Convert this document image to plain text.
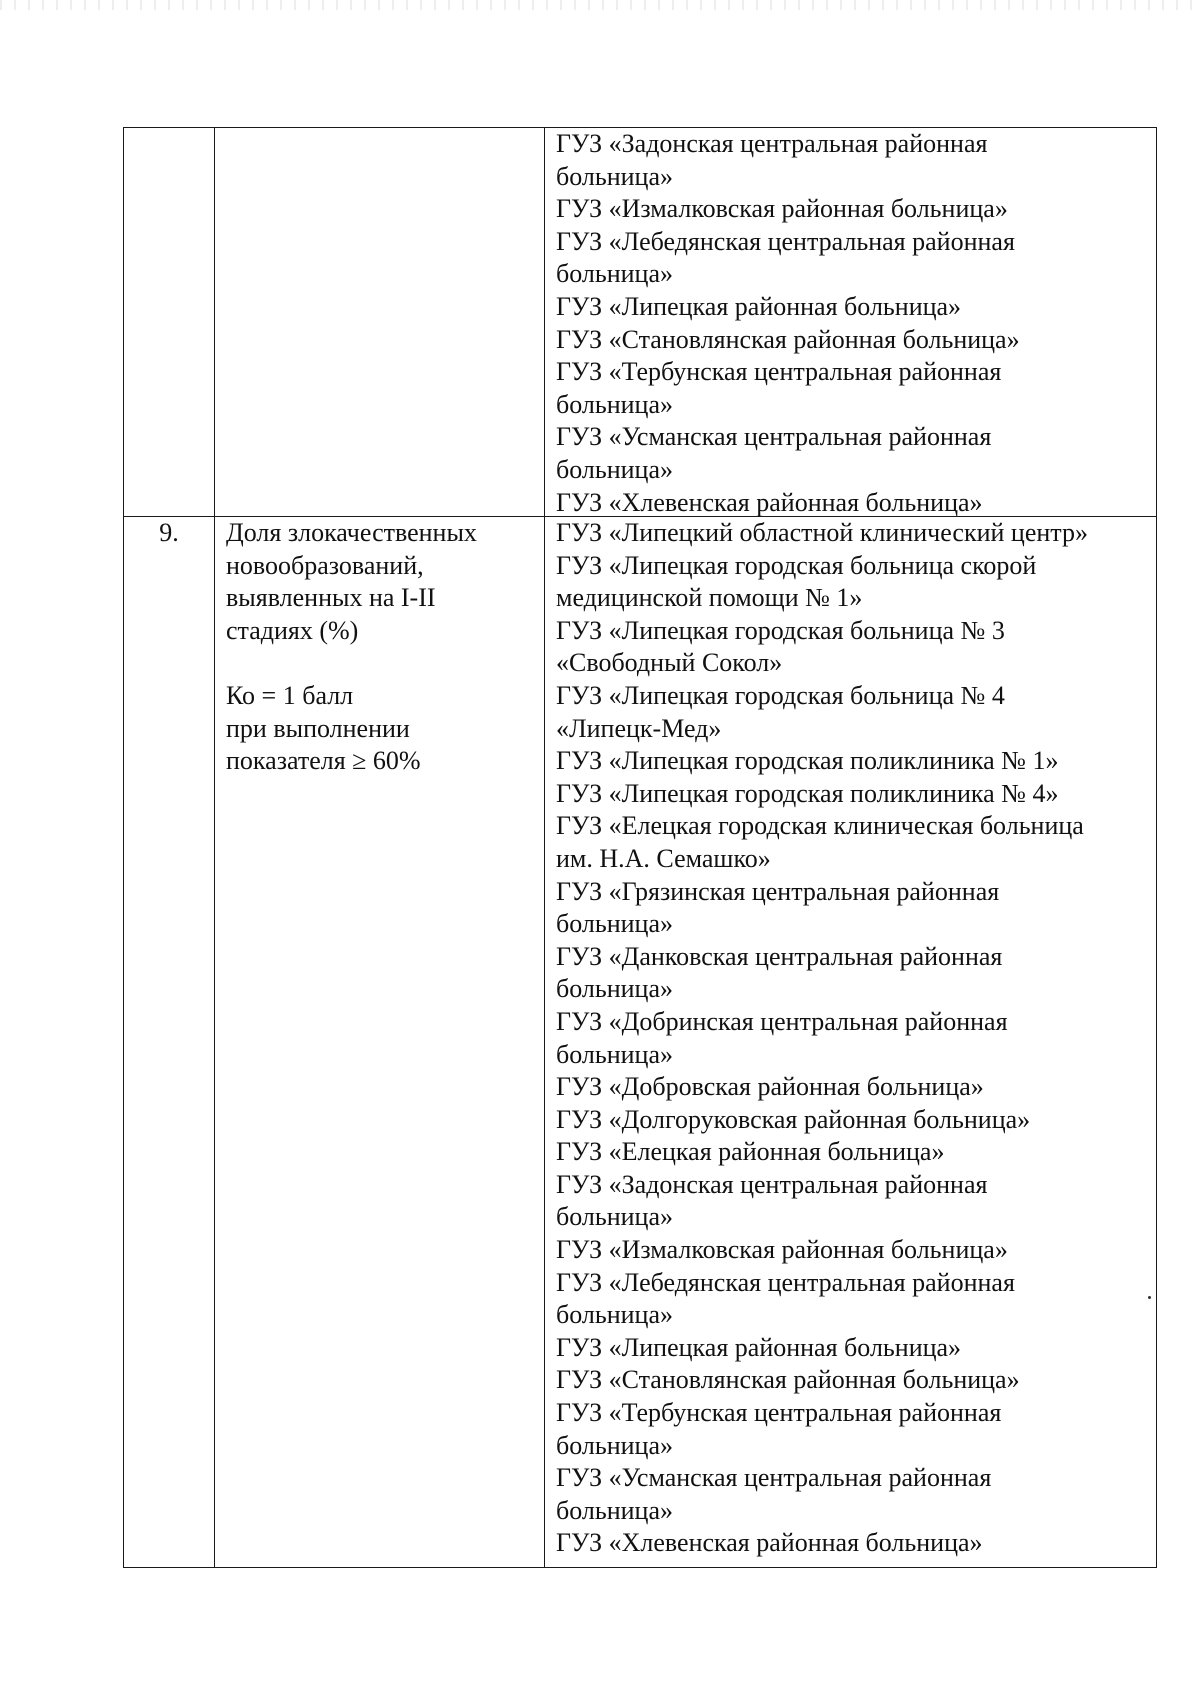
ГУЗ «Задонская центральная районная
больница»
ГУЗ «Измалковская районная больница»
ГУЗ «Лебедянская центральная районная
больница»
ГУЗ «Липецкая районная больница»
ГУЗ «Становлянская районная больница»
ГУЗ «Тербунская центральная районная
больница»
ГУЗ «Усманская центральная районная
больница»
ГУЗ «Хлевенская районная больница»
9.	Доля злокачественных
новообразований,
выявленных на I-II
стадиях (%)
Ко = 1 балл
при выполнении
показателя ≥ 60%
ГУЗ «Липецкий областной клинический центр»
ГУЗ «Липецкая городская больница скорой
медицинской помощи № 1»
ГУЗ «Липецкая городская больница № 3
«Свободный Сокол»
ГУЗ «Липецкая городская больница № 4
«Липецк-Мед»
ГУЗ «Липецкая городская поликлиника № 1»
ГУЗ «Липецкая городская поликлиника № 4»
ГУЗ «Елецкая городская клиническая больница
им. Н.А. Семашко»
ГУЗ «Грязинская центральная районная
больница»
ГУЗ «Данковская центральная районная
больница»
ГУЗ «Добринская центральная районная
больница»
ГУЗ «Добровская районная больница»
ГУЗ «Долгоруковская районная больница»
ГУЗ «Елецкая районная больница»
ГУЗ «Задонская центральная районная
больница»
ГУЗ «Измалковская районная больница»
ГУЗ «Лебедянская центральная районная
больница»
ГУЗ «Липецкая районная больница»
ГУЗ «Становлянская районная больница»
ГУЗ «Тербунская центральная районная
больница»
ГУЗ «Усманская центральная районная
больница»
ГУЗ «Хлевенская районная больница»
